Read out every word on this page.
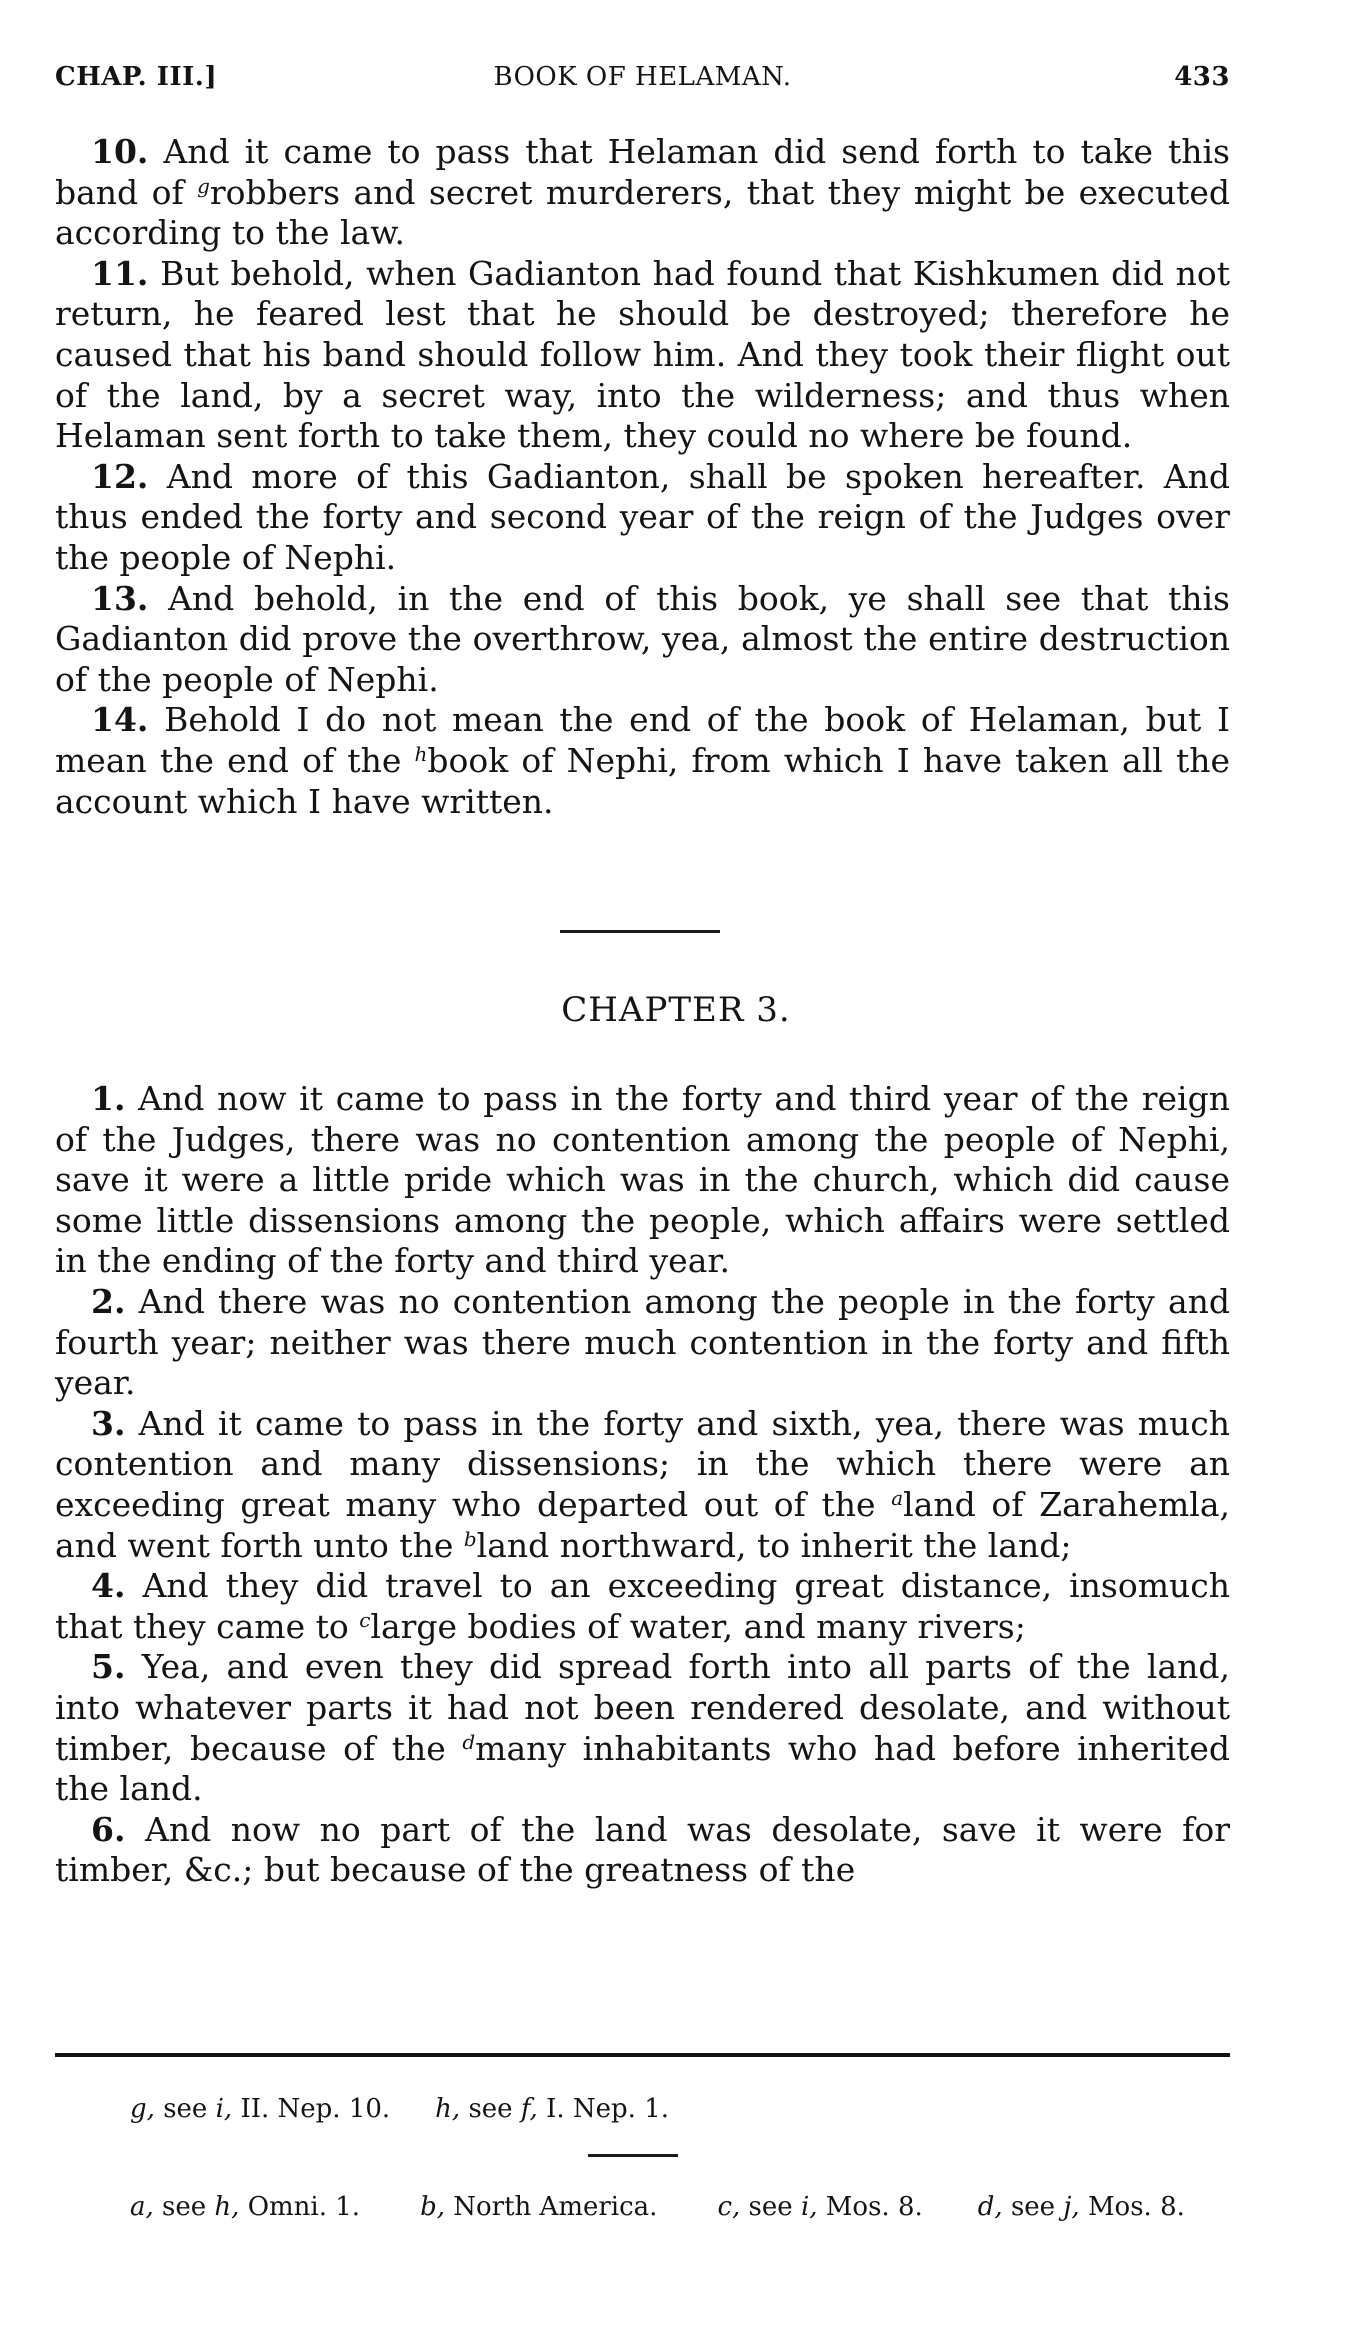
CHAP. III.]	BOOK OF HELAMAN.	433

10. And it came to pass that Helaman did send forth to take this band of $^g$robbers and secret murderers, that they might be executed according to the law.

11. But behold, when Gadianton had found that Kishkumen did not return, he feared lest that he should be destroyed; therefore he caused that his band should follow him. And they took their flight out of the land, by a secret way, into the wilderness; and thus when Helaman sent forth to take them, they could no where be found.

12. And more of this Gadianton, shall be spoken hereafter. And thus ended the forty and second year of the reign of the Judges over the people of Nephi.

13. And behold, in the end of this book, ye shall see that this Gadianton did prove the overthrow, yea, almost the entire destruction of the people of Nephi.

14. Behold I do not mean the end of the book of Helaman, but I mean the end of the $^h$book of Nephi, from which I have taken all the account which I have written.

CHAPTER 3.

1. And now it came to pass in the forty and third year of the reign of the Judges, there was no contention among the people of Nephi, save it were a little pride which was in the church, which did cause some little dissensions among the people, which affairs were settled in the ending of the forty and third year.

2. And there was no contention among the people in the forty and fourth year; neither was there much contention in the forty and fifth year.

3. And it came to pass in the forty and sixth, yea, there was much contention and many dissensions; in the which there were an exceeding great many who departed out of the $^a$land of Zarahemla, and went forth unto the $^b$land northward, to inherit the land;

4. And they did travel to an exceeding great distance, insomuch that they came to $^c$large bodies of water, and many rivers;

5. Yea, and even they did spread forth into all parts of the land, into whatever parts it had not been rendered desolate, and without timber, because of the $^d$many inhabitants who had before inherited the land.

6. And now no part of the land was desolate, save it were for timber, &c.; but because of the greatness of the

g, see i, II. Nep. 10. h, see f, I. Nep. 1.
a, see h, Omni. 1. b, North America. c, see i, Mos. 8. d, see j, Mos. 8.
